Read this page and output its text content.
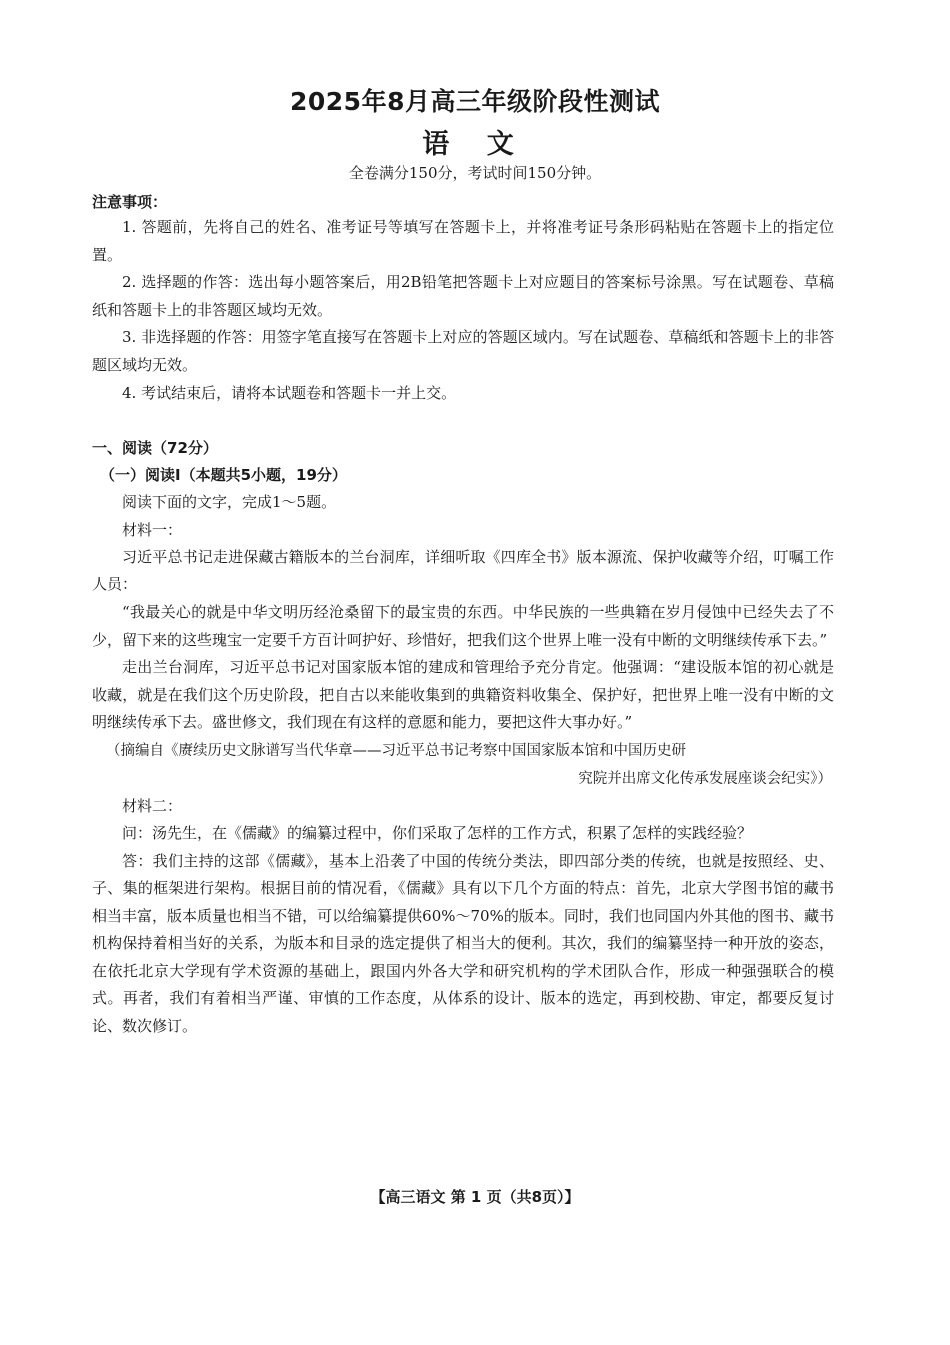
2025年8月高三年级阶段性测试
语 文
全卷满分150分，考试时间150分钟。
注意事项：

1. 答题前，先将自己的姓名、准考证号等填写在答题卡上，并将准考证号条形码粘贴在答题卡上的指定位置。

2. 选择题的作答：选出每小题答案后，用2B铅笔把答题卡上对应题目的答案标号涂黑。写在试题卷、草稿纸和答题卡上的非答题区域均无效。

3. 非选择题的作答：用签字笔直接写在答题卡上对应的答题区域内。写在试题卷、草稿纸和答题卡上的非答题区域均无效。

4. 考试结束后，请将本试题卷和答题卡一并上交。

一、阅读（72分）
（一）阅读Ⅰ（本题共5小题，19分）

阅读下面的文字，完成1～5题。

材料一：

习近平总书记走进保藏古籍版本的兰台洞库，详细听取《四库全书》版本源流、保护收藏等介绍，叮嘱工作人员：

“我最关心的就是中华文明历经沧桑留下的最宝贵的东西。中华民族的一些典籍在岁月侵蚀中已经失去了不少，留下来的这些瑰宝一定要千方百计呵护好、珍惜好，把我们这个世界上唯一没有中断的文明继续传承下去。”

走出兰台洞库，习近平总书记对国家版本馆的建成和管理给予充分肯定。他强调：“建设版本馆的初心就是收藏，就是在我们这个历史阶段，把自古以来能收集到的典籍资料收集全、保护好，把世界上唯一没有中断的文明继续传承下去。盛世修文，我们现在有这样的意愿和能力，要把这件大事办好。”

（摘编自《赓续历史文脉谱写当代华章——习近平总书记考察中国国家版本馆和中国历史研
究院并出席文化传承发展座谈会纪实》）
材料二：

问：汤先生，在《儒藏》的编纂过程中，你们采取了怎样的工作方式，积累了怎样的实践经验？

答：我们主持的这部《儒藏》，基本上沿袭了中国的传统分类法，即四部分类的传统，也就是按照经、史、子、集的框架进行架构。根据目前的情况看，《儒藏》具有以下几个方面的特点：首先，北京大学图书馆的藏书相当丰富，版本质量也相当不错，可以给编纂提供60%～70%的版本。同时，我们也同国内外其他的图书、藏书机构保持着相当好的关系，为版本和目录的选定提供了相当大的便利。其次，我们的编纂坚持一种开放的姿态，在依托北京大学现有学术资源的基础上，跟国内外各大学和研究机构的学术团队合作，形成一种强强联合的模式。再者，我们有着相当严谨、审慎的工作态度，从体系的设计、版本的选定，再到校勘、审定，都要反复讨论、数次修订。

【高三语文 第 1 页（共8页）】
